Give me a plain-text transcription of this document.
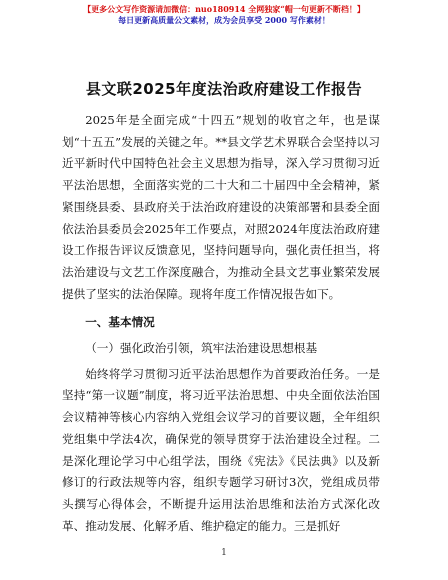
【更多公文写作资源请加微信：nuo180914 全网独家“帽一句更新不断档！】
每日更新高质量公文素材，成为会员享受 2000 写作素材！
县文联2025年度法治政府建设工作报告

2025年是全面完成“十四五”规划的收官之年，也是谋划“十五五”发展的关键之年。**县文学艺术界联合会坚持以习近平新时代中国特色社会主义思想为指导，深入学习贯彻习近平法治思想，全面落实党的二十大和二十届四中全会精神，紧紧围绕县委、县政府关于法治政府建设的决策部署和县委全面依法治县委员会2025年工作要点，对照2024年度法治政府建设工作报告评议反馈意见，坚持问题导向，强化责任担当，将法治建设与文艺工作深度融合，为推动全县文艺事业繁荣发展提供了坚实的法治保障。现将年度工作情况报告如下。

一、基本情况

（一）强化政治引领，筑牢法治建设思想根基

始终将学习贯彻习近平法治思想作为首要政治任务。一是坚持“第一议题”制度，将习近平法治思想、中央全面依法治国会议精神等核心内容纳入党组会议学习的首要议题，全年组织党组集中学法4次，确保党的领导贯穿于法治建设全过程。二是深化理论学习中心组学法，围绕《宪法》《民法典》以及新修订的行政法规等内容，组织专题学习研讨3次，党组成员带头撰写心得体会，不断提升运用法治思维和法治方式深化改革、推动发展、化解矛盾、维护稳定的能力。三是抓好

1
